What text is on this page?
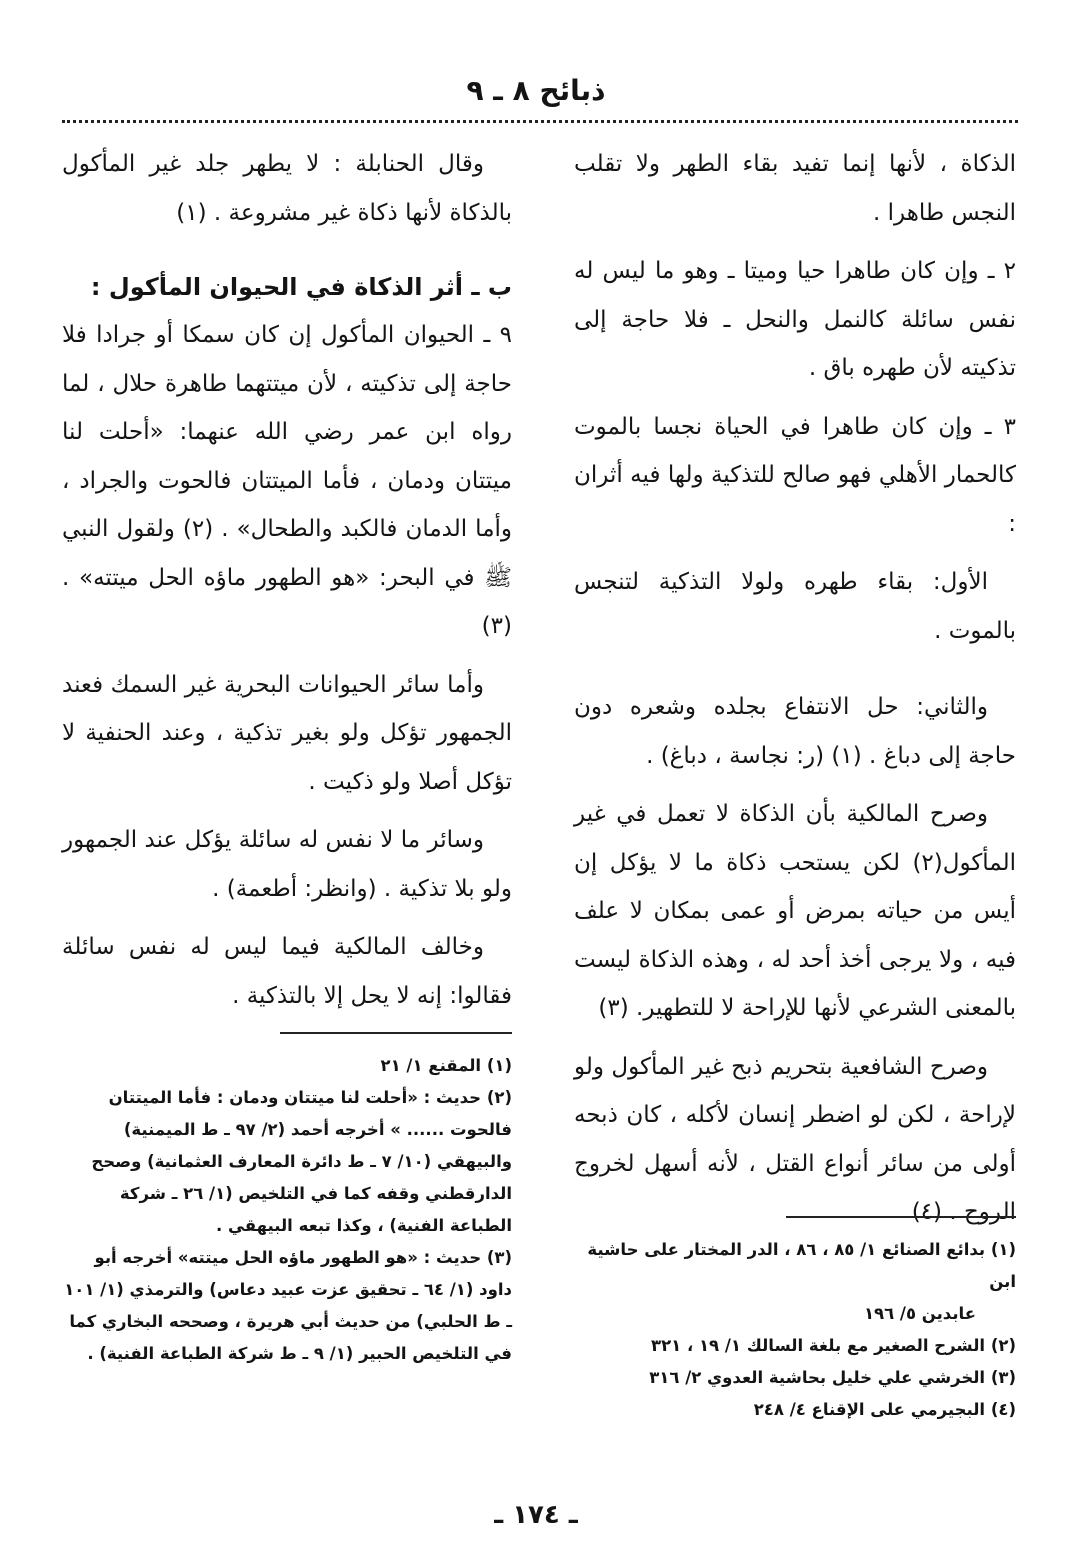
ذبائح ٨ ـ ٩

الذكاة ، لأنها إنما تفيد بقاء الطهر ولا تقلب النجس طاهرا .

٢ ـ وإن كان طاهرا حيا وميتا ـ وهو ما ليس له نفس سائلة كالنمل والنحل ـ فلا حاجة إلى تذكيته لأن طهره باق .

٣ ـ وإن كان طاهرا في الحياة نجسا بالموت كالحمار الأهلي فهو صالح للتذكية ولها فيه أثران :

الأول: بقاء طهره ولولا التذكية لتنجس بالموت .

والثاني: حل الانتفاع بجلده وشعره دون حاجة إلى دباغ . (١) (ر: نجاسة ، دباغ) .

وصرح المالكية بأن الذكاة لا تعمل في غير المأكول(٢) لكن يستحب ذكاة ما لا يؤكل إن أيس من حياته بمرض أو عمى بمكان لا علف فيه ، ولا يرجى أخذ أحد له ، وهذه الذكاة ليست بالمعنى الشرعي لأنها للإراحة لا للتطهير. (٣)

وصرح الشافعية بتحريم ذبح غير المأكول ولو لإراحة ، لكن لو اضطر إنسان لأكله ، كان ذبحه أولى من سائر أنواع القتل ، لأنه أسهل لخروج الروح . (٤)

وقال الحنابلة : لا يطهر جلد غير المأكول بالذكاة لأنها ذكاة غير مشروعة . (١)

ب ـ أثر الذكاة في الحيوان المأكول :

٩ ـ الحيوان المأكول إن كان سمكا أو جرادا فلا حاجة إلى تذكيته ، لأن ميتتهما طاهرة حلال ، لما رواه ابن عمر رضي الله عنهما: «أحلت لنا ميتتان ودمان ، فأما الميتتان فالحوت والجراد ، وأما الدمان فالكبد والطحال» . (٢) ولقول النبي ﷺ في البحر: «هو الطهور ماؤه الحل ميتته» . (٣)

وأما سائر الحيوانات البحرية غير السمك فعند الجمهور تؤكل ولو بغير تذكية ، وعند الحنفية لا تؤكل أصلا ولو ذكيت .

وسائر ما لا نفس له سائلة يؤكل عند الجمهور ولو بلا تذكية . (وانظر: أطعمة) .

وخالف المالكية فيما ليس له نفس سائلة فقالوا: إنه لا يحل إلا بالتذكية .

(١) المقنع ١/ ٢١

(٢) حديث : «أحلت لنا ميتتان ودمان : فأما الميتتان فالحوت ...... » أخرجه أحمد (٢/ ٩٧ ـ ط الميمنية) والبيهقي (١٠/ ٧ ـ ط دائرة المعارف العثمانية) وصحح الدارقطني وقفه كما في التلخيص (١/ ٢٦ ـ شركة الطباعة الفنية) ، وكذا تبعه البيهقي .

(٣) حديث : «هو الطهور ماؤه الحل ميتته» أخرجه أبو داود (١/ ٦٤ ـ تحقيق عزت عبيد دعاس) والترمذي (١/ ١٠١ ـ ط الحلبي) من حديث أبي هريرة ، وصححه البخاري كما في التلخيص الحبير (١/ ٩ ـ ط شركة الطباعة الفنية) .

(١) بدائع الصنائع ١/ ٨٥ ، ٨٦ ، الدر المختار على حاشية ابن

عابدين ٥/ ١٩٦

(٢) الشرح الصغير مع بلغة السالك ١/ ١٩ ، ٣٢١

(٣) الخرشي علي خليل بحاشية العدوي ٢/ ٣١٦

(٤) البجيرمي على الإقناع ٤/ ٢٤٨

ـ ١٧٤ ـ
